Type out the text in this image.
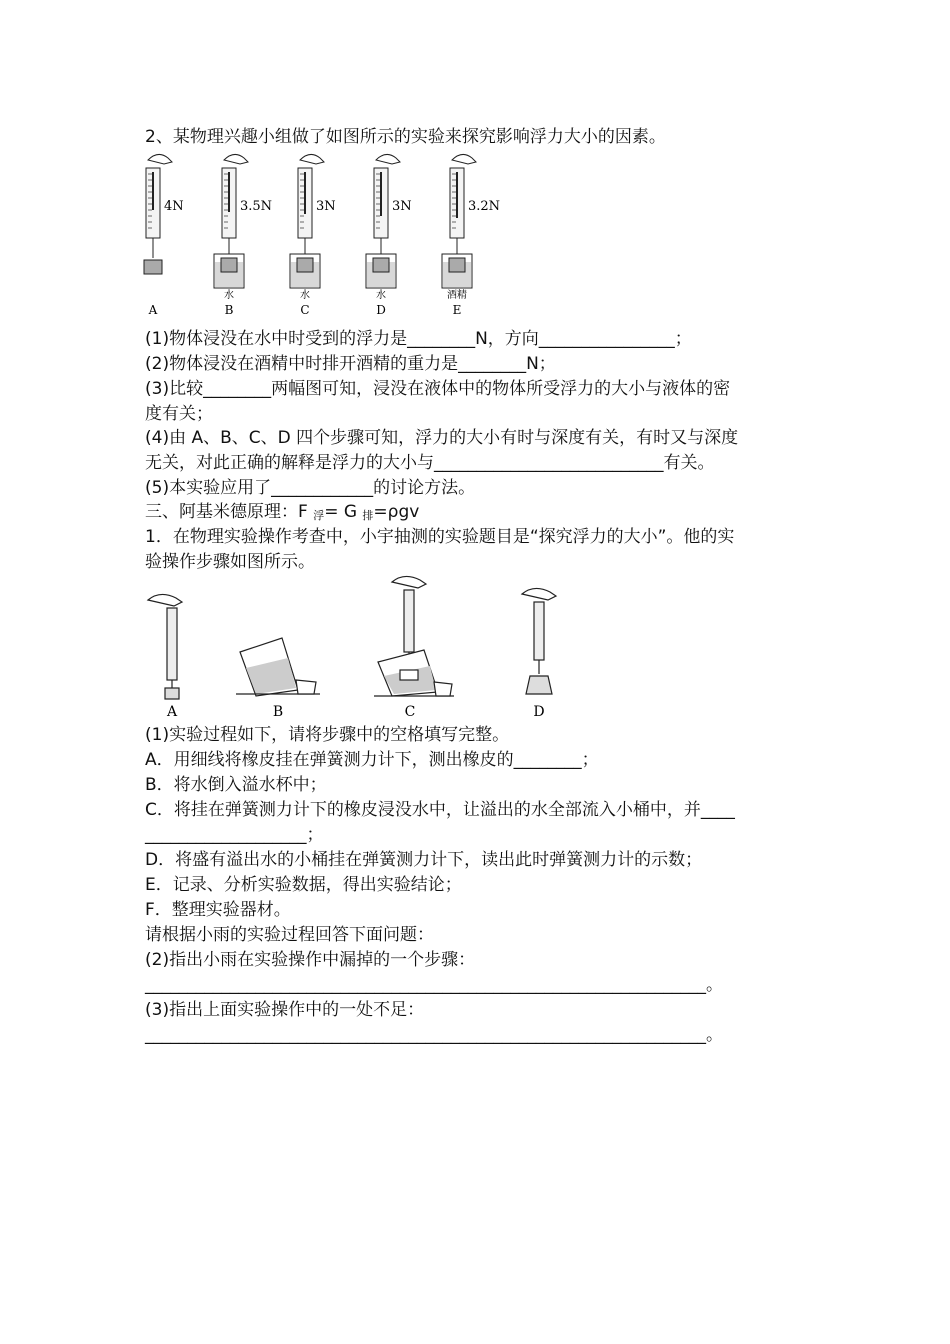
2、某物理兴趣小组做了如图所示的实验来探究影响浮力大小的因素。
4N
A
3.5N
水
B
3N
水
C
3N
水
D
3.2N
酒精
E
(1)物体浸没在水中时受到的浮力是________N，方向________________；
(2)物体浸没在酒精中时排开酒精的重力是________N；
(3)比较________两幅图可知，浸没在液体中的物体所受浮力的大小与液体的密
度有关；
(4)由 A、B、C、D 四个步骤可知，浮力的大小有时与深度有关，有时又与深度
无关，对此正确的解释是浮力的大小与___________________________有关。
(5)本实验应用了____________的讨论方法。
三、阿基米德原理：F $_浮$= G $_排$=ρgv
1．在物理实验操作考查中，小宇抽测的实验题目是“探究浮力的大小”。他的实
验操作步骤如图所示。
A	B	C	D
(1)实验过程如下，请将步骤中的空格填写完整。
A．用细线将橡皮挂在弹簧测力计下，测出橡皮的________；
B．将水倒入溢水杯中；
C．将挂在弹簧测力计下的橡皮浸没水中，让溢出的水全部流入小桶中，并____
___________________；
D．将盛有溢出水的小桶挂在弹簧测力计下，读出此时弹簧测力计的示数；
E．记录、分析实验数据，得出实验结论；
F．整理实验器材。
请根据小雨的实验过程回答下面问题：
(2)指出小雨在实验操作中漏掉的一个步骤：
__________________________________________________________________。
(3)指出上面实验操作中的一处不足：
__________________________________________________________________。
